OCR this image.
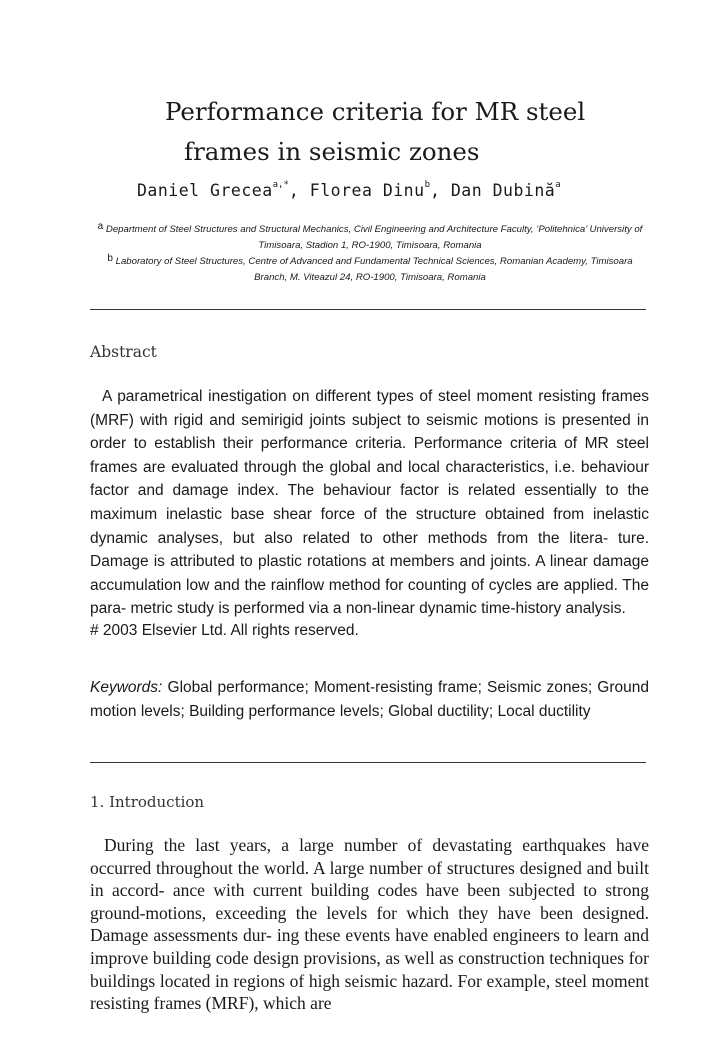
Performance criteria for MR steel
frames in seismic zones
Daniel Grecea$^{a,*}$, Florea Dinu$^b$, Dan Dubină$^a$
$^a$ Department of Steel Structures and Structural Mechanics, Civil Engineering and Architecture Faculty, ‘Politehnica’ University of Timisoara, Stadion 1, RO-1900, Timisoara, Romania
$^b$ Laboratory of Steel Structures, Centre of Advanced and Fundamental Technical Sciences, Romanian Academy, Timisoara Branch, M. Viteazul 24, RO-1900, Timisoara, Romania
Abstract

A parametrical inestigation on different types of steel moment resisting frames (MRF) with rigid and semirigid joints subject to seismic motions is presented in order to establish their performance criteria. Performance criteria of MR steel frames are evaluated through the global and local characteristics, i.e. behaviour factor and damage index. The behaviour factor is related essentially to the maximum inelastic base shear force of the structure obtained from inelastic dynamic analyses, but also related to other methods from the litera- ture. Damage is attributed to plastic rotations at members and joints. A linear damage accumulation low and the rainflow method for counting of cycles are applied. The para- metric study is performed via a non-linear dynamic time-history analysis.

# 2003 Elsevier Ltd. All rights reserved.

Keywords: Global performance; Moment-resisting frame; Seismic zones; Ground motion levels; Building performance levels; Global ductility; Local ductility
1. Introduction

During the last years, a large number of devastating earthquakes have occurred throughout the world. A large number of structures designed and built in accord- ance with current building codes have been subjected to strong ground-motions, exceeding the levels for which they have been designed. Damage assessments dur- ing these events have enabled engineers to learn and improve building code design provisions, as well as construction techniques for buildings located in regions of high seismic hazard. For example, steel moment resisting frames (MRF), which are
